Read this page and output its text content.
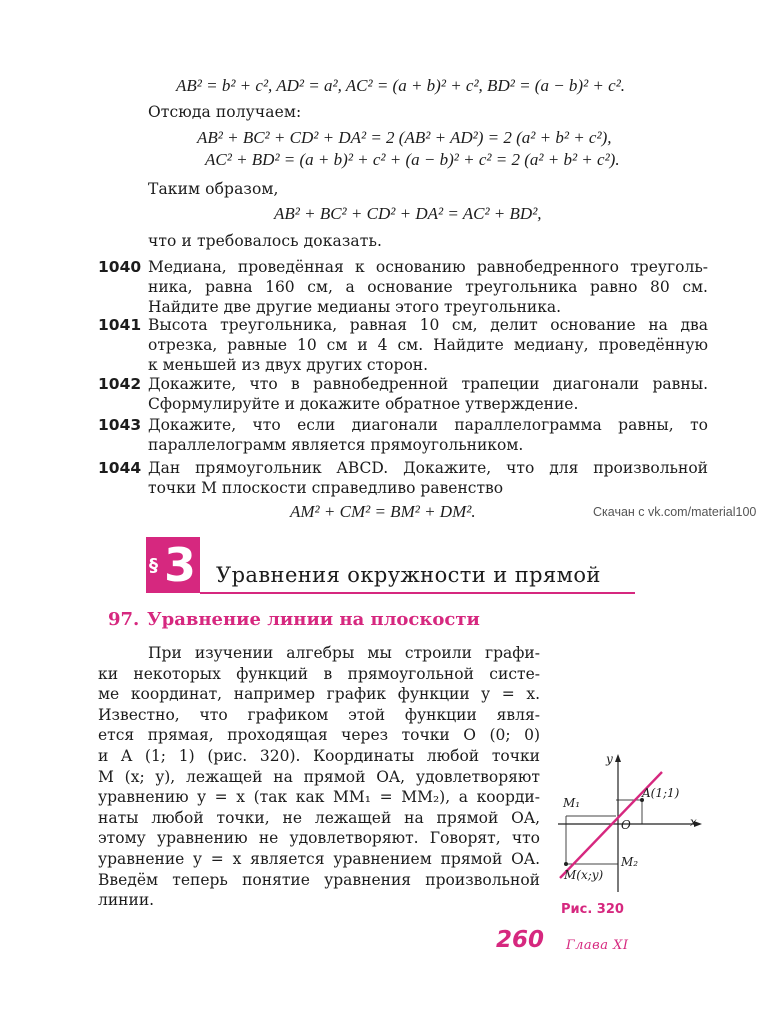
AB² = b² + c², AD² = a², AC² = (a + b)² + c², BD² = (a − b)² + c².
Отсюда получаем:
AB² + BC² + CD² + DA² = 2 (AB² + AD²) = 2 (a² + b² + c²),
AC² + BD² = (a + b)² + c² + (a − b)² + c² = 2 (a² + b² + c²).
Таким образом,
AB² + BC² + CD² + DA² = AC² + BD²,
что и требовалось доказать.
1040 Медиана, проведённая к основанию равнобедренного треуголь-
ника, равна 160 см, а основание треугольника равно 80 см.
Найдите две другие медианы этого треугольника.
1041 Высота треугольника, равная 10 см, делит основание на два
отрезка, равные 10 см и 4 см. Найдите медиану, проведённую
к меньшей из двух других сторон.
1042 Докажите, что в равнобедренной трапеции диагонали равны.
Сформулируйте и докажите обратное утверждение.
1043 Докажите, что если диагонали параллелограмма равны, то
параллелограмм является прямоугольником.
1044 Дан прямоугольник ABCD. Докажите, что для произвольной
точки M плоскости справедливо равенство
AM² + CM² = BM² + DM².	Скачан с vk.com/material100
§ 3 Уравнения окружности и прямой
97. Уравнение линии на плоскости
При изучении алгебры мы строили графи-
ки некоторых функций в прямоугольной систе-
ме координат, например график функции y = x.
Известно, что графиком этой функции явля-
ется прямая, проходящая через точки O (0; 0)
и A (1; 1) (рис. 320). Координаты любой точки
M (x; y), лежащей на прямой OA, удовлетворяют
уравнению y = x (так как MM₁ = MM₂), а коорди-
наты любой точки, не лежащей на прямой OA,
этому уравнению не удовлетворяют. Говорят, что
уравнение y = x является уравнением прямой OA.
Введём теперь понятие уравнения произвольной
линии.
y
x
A(1;1)
M₁
O
M₂
M(x;y)
Рис. 320
260 Глава XI
